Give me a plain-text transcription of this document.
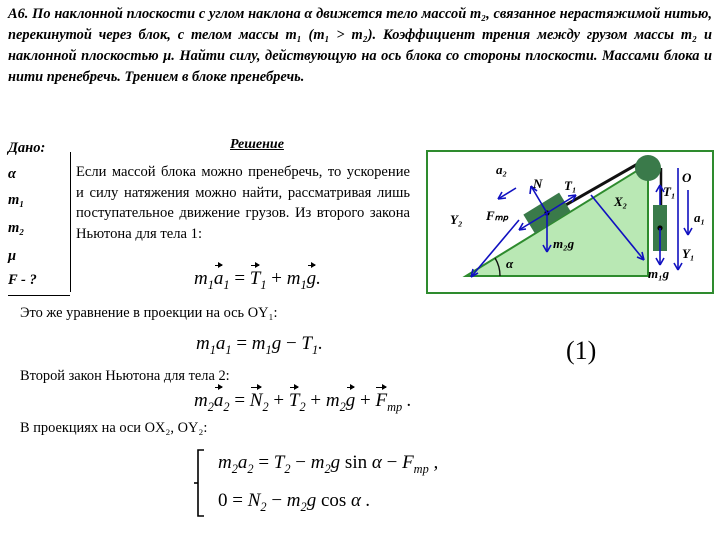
А6. По наклонной плоскости с углом наклона α движется тело массой m₂, связанное нерастяжимой нитью, перекинутой через блок, с телом массы m₁ (m₁ > m₂). Коэффициент трения между грузом массы m₂ и наклонной плоскостью μ. Найти силу, действующую на ось блока со стороны плоскости. Массами блока и нити пренебречь. Трением в блоке пренебречь.
Дано:
α
m₁
m₂
μ
F - ?
Решение
Если массой блока можно пренебречь, то ускорение и силу натяжения можно найти, рассматривая лишь поступательное движение грузов. Из второго закона Ньютона для тела 1:
$m_1a_1 = T_1 + m_1g$.
Это же уравнение в проекции на ось OY₁:
$m_1a_1 = m_1g - T_1$.	(1)
Второй закон Ньютона для тела 2:
$m_2a_2 = N_2 + T_2 + m_2g + F_{mp}$ .
В проекциях на оси OX₂, OY₂:
$m_2a_2 = T_2 - m_2g$ $\sin \alpha - F_{mp}$ ,
$0 = N_2 - m_2g$ cos α .
a₂
N T₁
Fₘₚ
m₂g
X₂
Y₂
α
O
T₁
a₁
m₁g
Y₁
